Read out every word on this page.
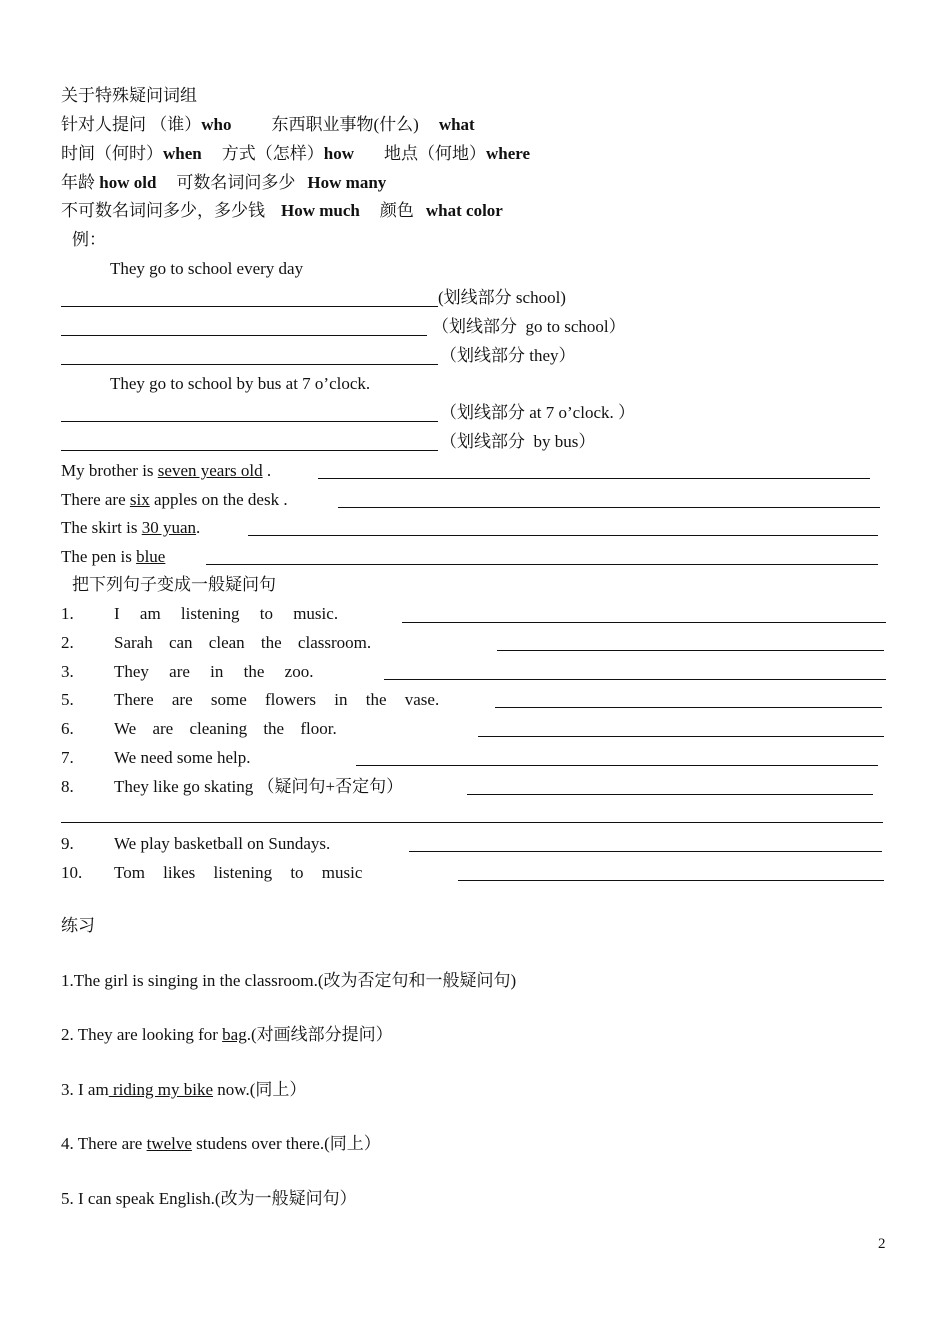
关于特殊疑问词组
针对人提问 （谁）who 东西职业事物(什么) what
时间（何时）when 方式（怎样）how 地点（何地）where
年龄 how old 可数名词问多少 How many
不可数名词问多少，多少钱 How much 颜色 what color
例：
They go to school every day
(划线部分 school)
（划线部分  go to school）
（划线部分 they）
They go to school by bus at 7 o’clock.
（划线部分 at 7 o’clock. ）
（划线部分  by bus）
My brother is seven years old .
There are six apples on the desk .
The skirt is 30 yuan.
The pen is blue
把下列句子变成一般疑问句
1. I am listening to music.
2. Sarah can clean the classroom.
3. They are in the zoo.
5. There are some flowers in the vase.
6. We are cleaning the floor.
7. We need some help.
8. They like go skating （疑问句+否定句）
9. We play basketball on Sundays.
10. Tom likes listening to music
练习
1.The girl is singing in the classroom.(改为否定句和一般疑问句)
2. They are looking for bag.(对画线部分提问）
3. I am riding my bike now.(同上）
4. There are twelve studens over there.(同上）
5. I can speak English.(改为一般疑问句）
2
